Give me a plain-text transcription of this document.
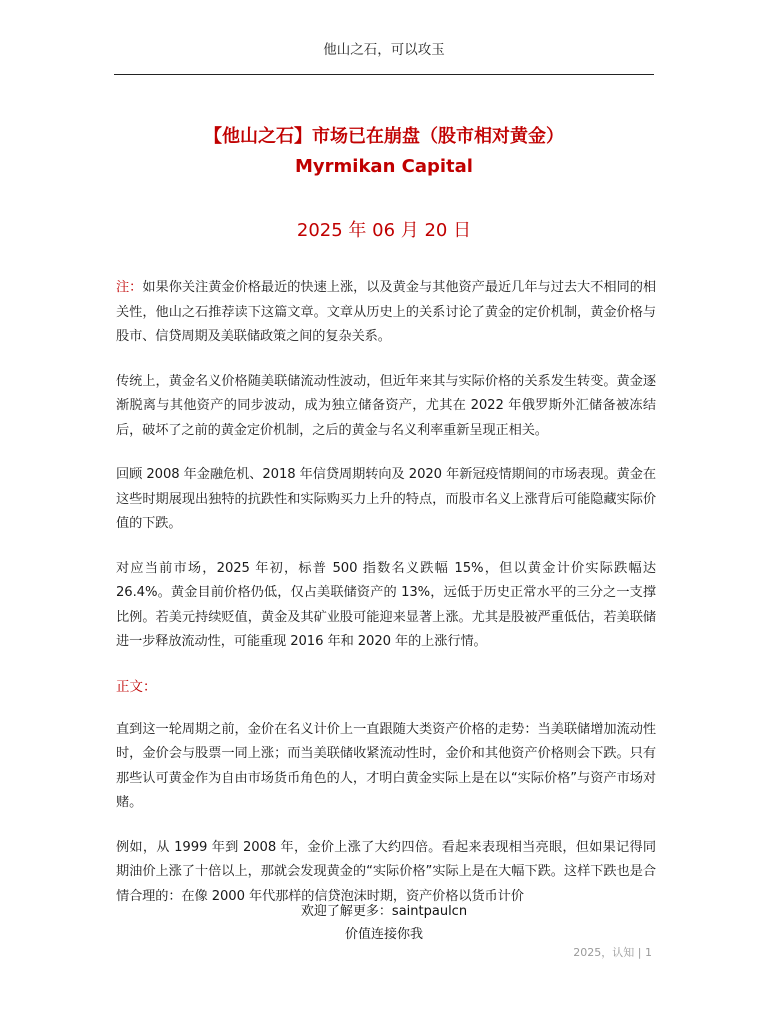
他山之石，可以攻玉
【他山之石】市场已在崩盘（股市相对黄金）
Myrmikan Capital
2025 年 06 月 20 日

注：如果你关注黄金价格最近的快速上涨，以及黄金与其他资产最近几年与过去大不相同的相关性，他山之石推荐读下这篇文章。文章从历史上的关系讨论了黄金的定价机制，黄金价格与股市、信贷周期及美联储政策之间的复杂关系。

传统上，黄金名义价格随美联储流动性波动，但近年来其与实际价格的关系发生转变。黄金逐渐脱离与其他资产的同步波动，成为独立储备资产，尤其在 2022 年俄罗斯外汇储备被冻结后，破坏了之前的黄金定价机制，之后的黄金与名义利率重新呈现正相关。

回顾 2008 年金融危机、2018 年信贷周期转向及 2020 年新冠疫情期间的市场表现。黄金在这些时期展现出独特的抗跌性和实际购买力上升的特点，而股市名义上涨背后可能隐藏实际价值的下跌。

对应当前市场，2025 年初，标普 500 指数名义跌幅 15%，但以黄金计价实际跌幅达 26.4%。黄金目前价格仍低，仅占美联储资产的 13%，远低于历史正常水平的三分之一支撑比例。若美元持续贬值，黄金及其矿业股可能迎来显著上涨。尤其是股被严重低估，若美联储进一步释放流动性，可能重现 2016 年和 2020 年的上涨行情。

正文：

直到这一轮周期之前，金价在名义计价上一直跟随大类资产价格的走势：当美联储增加流动性时，金价会与股票一同上涨；而当美联储收紧流动性时，金价和其他资产价格则会下跌。只有那些认可黄金作为自由市场货币角色的人，才明白黄金实际上是在以“实际价格”与资产市场对赌。

例如，从 1999 年到 2008 年，金价上涨了大约四倍。看起来表现相当亮眼，但如果记得同期油价上涨了十倍以上，那就会发现黄金的“实际价格”实际上是在大幅下跌。这样下跌也是合情合理的：在像 2000 年代那样的信贷泡沫时期，资产价格以货币计价

欢迎了解更多：saintpaulcn
价值连接你我
2025，认知 | 1
